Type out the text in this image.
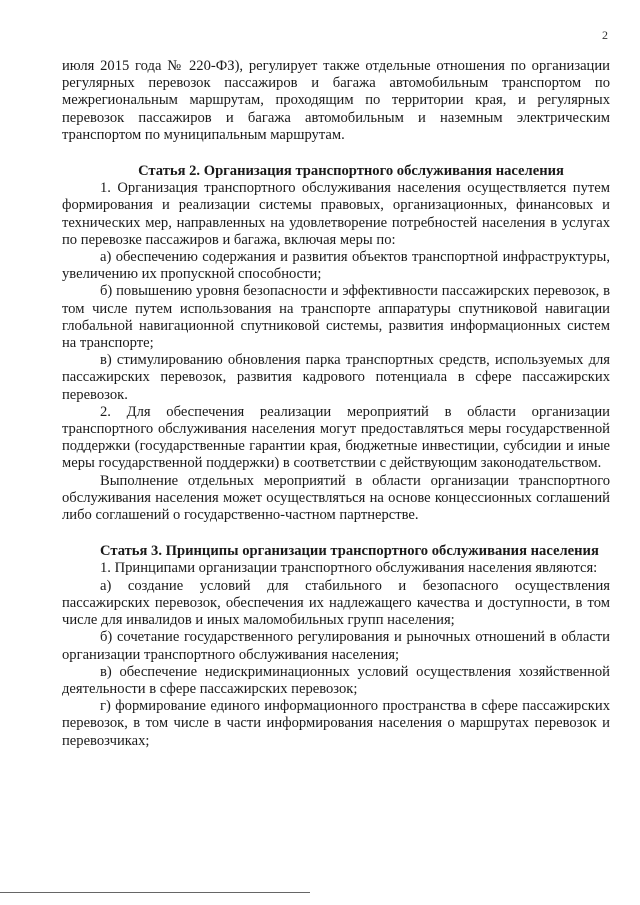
2

июля 2015 года № 220-ФЗ), регулирует также отдельные отношения по организации регулярных перевозок пассажиров и багажа автомобильным транспортом по межрегиональным маршрутам, проходящим по территории края, и регулярных перевозок пассажиров и багажа автомобильным и наземным электрическим транспортом по муниципальным маршрутам.

Статья 2. Организация транспортного обслуживания населения

1. Организация транспортного обслуживания населения осуществляется путем формирования и реализации системы правовых, организационных, финансовых и технических мер, направленных на удовлетворение потребностей населения в услугах по перевозке пассажиров и багажа, включая меры по:

а) обеспечению содержания и развития объектов транспортной инфраструктуры, увеличению их пропускной способности;

б) повышению уровня безопасности и эффективности пассажирских перевозок, в том числе путем использования на транспорте аппаратуры спутниковой навигации глобальной навигационной спутниковой системы, развития информационных систем на транспорте;

в) стимулированию обновления парка транспортных средств, используемых для пассажирских перевозок, развития кадрового потенциала в сфере пассажирских перевозок.

2. Для обеспечения реализации мероприятий в области организации транспортного обслуживания населения могут предоставляться меры государственной поддержки (государственные гарантии края, бюджетные инвестиции, субсидии и иные меры государственной поддержки) в соответствии с действующим законодательством.

Выполнение отдельных мероприятий в области организации транспортного обслуживания населения может осуществляться на основе концессионных соглашений либо соглашений о государственно-частном партнерстве.

Статья 3. Принципы организации транспортного обслуживания населения

1. Принципами организации транспортного обслуживания населения являются:

а) создание условий для стабильного и безопасного осуществления пассажирских перевозок, обеспечения их надлежащего качества и доступности, в том числе для инвалидов и иных маломобильных групп населения;

б) сочетание государственного регулирования и рыночных отношений в области организации транспортного обслуживания населения;

в) обеспечение недискриминационных условий осуществления хозяйственной деятельности в сфере пассажирских перевозок;

г) формирование единого информационного пространства в сфере пассажирских перевозок, в том числе в части информирования населения о маршрутах перевозок и перевозчиках;
